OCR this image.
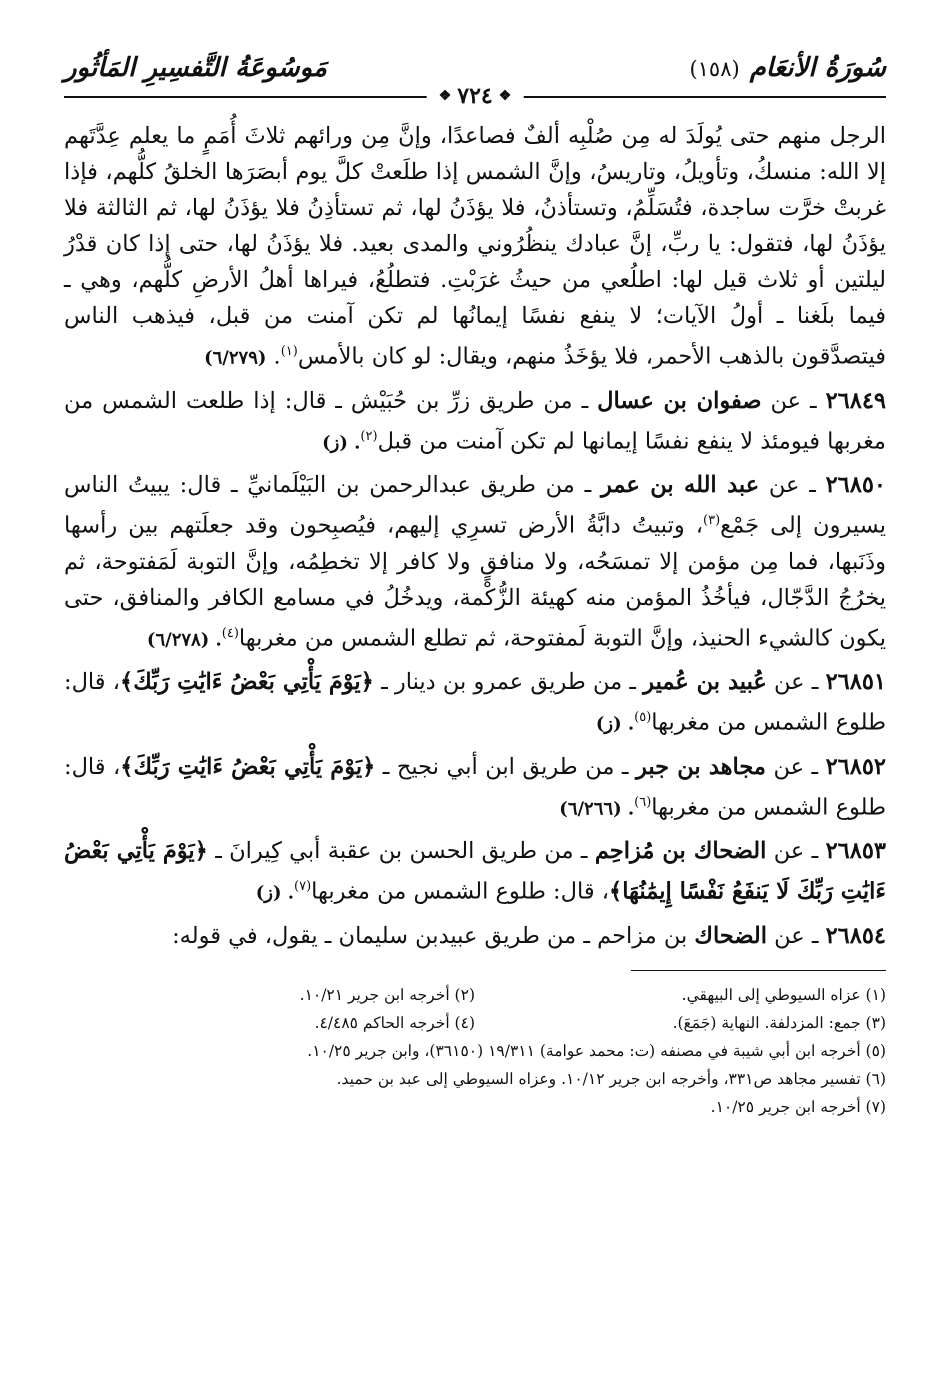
سُورَةُ الأنعَام
(١٥٨)
مَوسُوعَةُ التَّفسِيرِ المَأثُور
❖
٧٢٤
❖

الرجل منهم حتى يُولَدَ له مِن صُلْبِه ألفٌ فصاعدًا، وإنَّ مِن ورائهم ثلاثَ أُمَمٍ ما يعلم عِدَّتَهم إلا الله: منسكُ، وتأويلُ، وتاريسُ، وإنَّ الشمس إذا طلَعتْ كلَّ يوم أبصَرَها الخلقُ كلُّهم، فإذا غربتْ خرَّت ساجدة، فتُسَلِّمُ، وتستأذنُ، فلا يؤذَنُ لها، ثم تستأذِنُ فلا يؤذَنُ لها، ثم الثالثة فلا يؤذَنُ لها، فتقول: يا ربِّ، إنَّ عبادك ينظُرُوني والمدى بعيد. فلا يؤذَنُ لها، حتى إذا كان قدْرُ ليلتين أو ثلاث قيل لها: اطلُعي من حيثُ غرَبْتِ. فتطلُعُ، فيراها أهلُ الأرضِ كلُّهم، وهي ـ فيما بلَغنا ـ أولُ الآيات؛ لا ينفع نفسًا إيمانُها لم تكن آمنت من قبل، فيذهب الناس فيتصدَّقون بالذهب الأحمر، فلا يؤخَذُ منهم، ويقال: لو كان بالأمس$^{(١)}$. (٦/٢٧٩)

٢٦٨٤٩ ـ عن صفوان بن عسال ـ من طريق زرِّ بن حُبَيْش ـ قال: إذا طلعت الشمس من مغربها فيومئذ لا ينفع نفسًا إيمانها لم تكن آمنت من قبل$^{(٢)}$. (ز)

٢٦٨٥٠ ـ عن عبد الله بن عمر ـ من طريق عبدالرحمن بن البَيْلَمانيِّ ـ قال: يبيتُ الناس يسيرون إلى جَمْع$^{(٣)}$، وتبيتُ دابَّةُ الأرض تسرِي إليهم، فيُصبِحون وقد جعلَتهم بين رأسها وذَنَبها، فما مِن مؤمن إلا تمسَحُه، ولا منافقٍ ولا كافر إلا تخطِمُه، وإنَّ التوبة لَمَفتوحة، ثم يخرُجُ الدَّجّال، فيأخُذُ المؤمن منه كهيئة الزُّكْمة، ويدخُلُ في مسامع الكافر والمنافق، حتى يكون كالشيء الحنيذ، وإنَّ التوبة لَمفتوحة، ثم تطلع الشمس من مغربها$^{(٤)}$. (٦/٢٧٨)

٢٦٨٥١ ـ عن عُبيد بن عُمير ـ من طريق عمرو بن دينار ـ ﴿يَوْمَ يَأْتِي بَعْضُ ءَايَٰتِ رَبِّكَ﴾، قال: طلوع الشمس من مغربها$^{(٥)}$. (ز)

٢٦٨٥٢ ـ عن مجاهد بن جبر ـ من طريق ابن أبي نجيح ـ ﴿يَوْمَ يَأْتِي بَعْضُ ءَايَٰتِ رَبِّكَ﴾، قال: طلوع الشمس من مغربها$^{(٦)}$. (٦/٢٦٦)

٢٦٨٥٣ ـ عن الضحاك بن مُزاحِم ـ من طريق الحسن بن عقبة أبي كِيرانَ ـ ﴿يَوْمَ يَأْتِي بَعْضُ ءَايَٰتِ رَبِّكَ لَا يَنفَعُ نَفْسًا إِيمَٰنُهَا﴾، قال: طلوع الشمس من مغربها$^{(٧)}$. (ز)

٢٦٨٥٤ ـ عن الضحاك بن مزاحم ـ من طريق عبيدبن سليمان ـ يقول، في قوله:

(١) عزاه السيوطي إلى البيهقي.
(٢) أخرجه ابن جرير ١٠/٢١.
(٣) جمع: المزدلفة. النهاية (جَمَعَ).
(٤) أخرجه الحاكم ٤/٤٨٥.
(٥) أخرجه ابن أبي شيبة في مصنفه (ت: محمد عوامة) ١٩/٣١١ (٣٦١٥٠)، وابن جرير ١٠/٢٥.
(٦) تفسير مجاهد ص٣٣١، وأخرجه ابن جرير ١٠/١٢. وعزاه السيوطي إلى عبد بن حميد.
(٧) أخرجه ابن جرير ١٠/٢٥.
